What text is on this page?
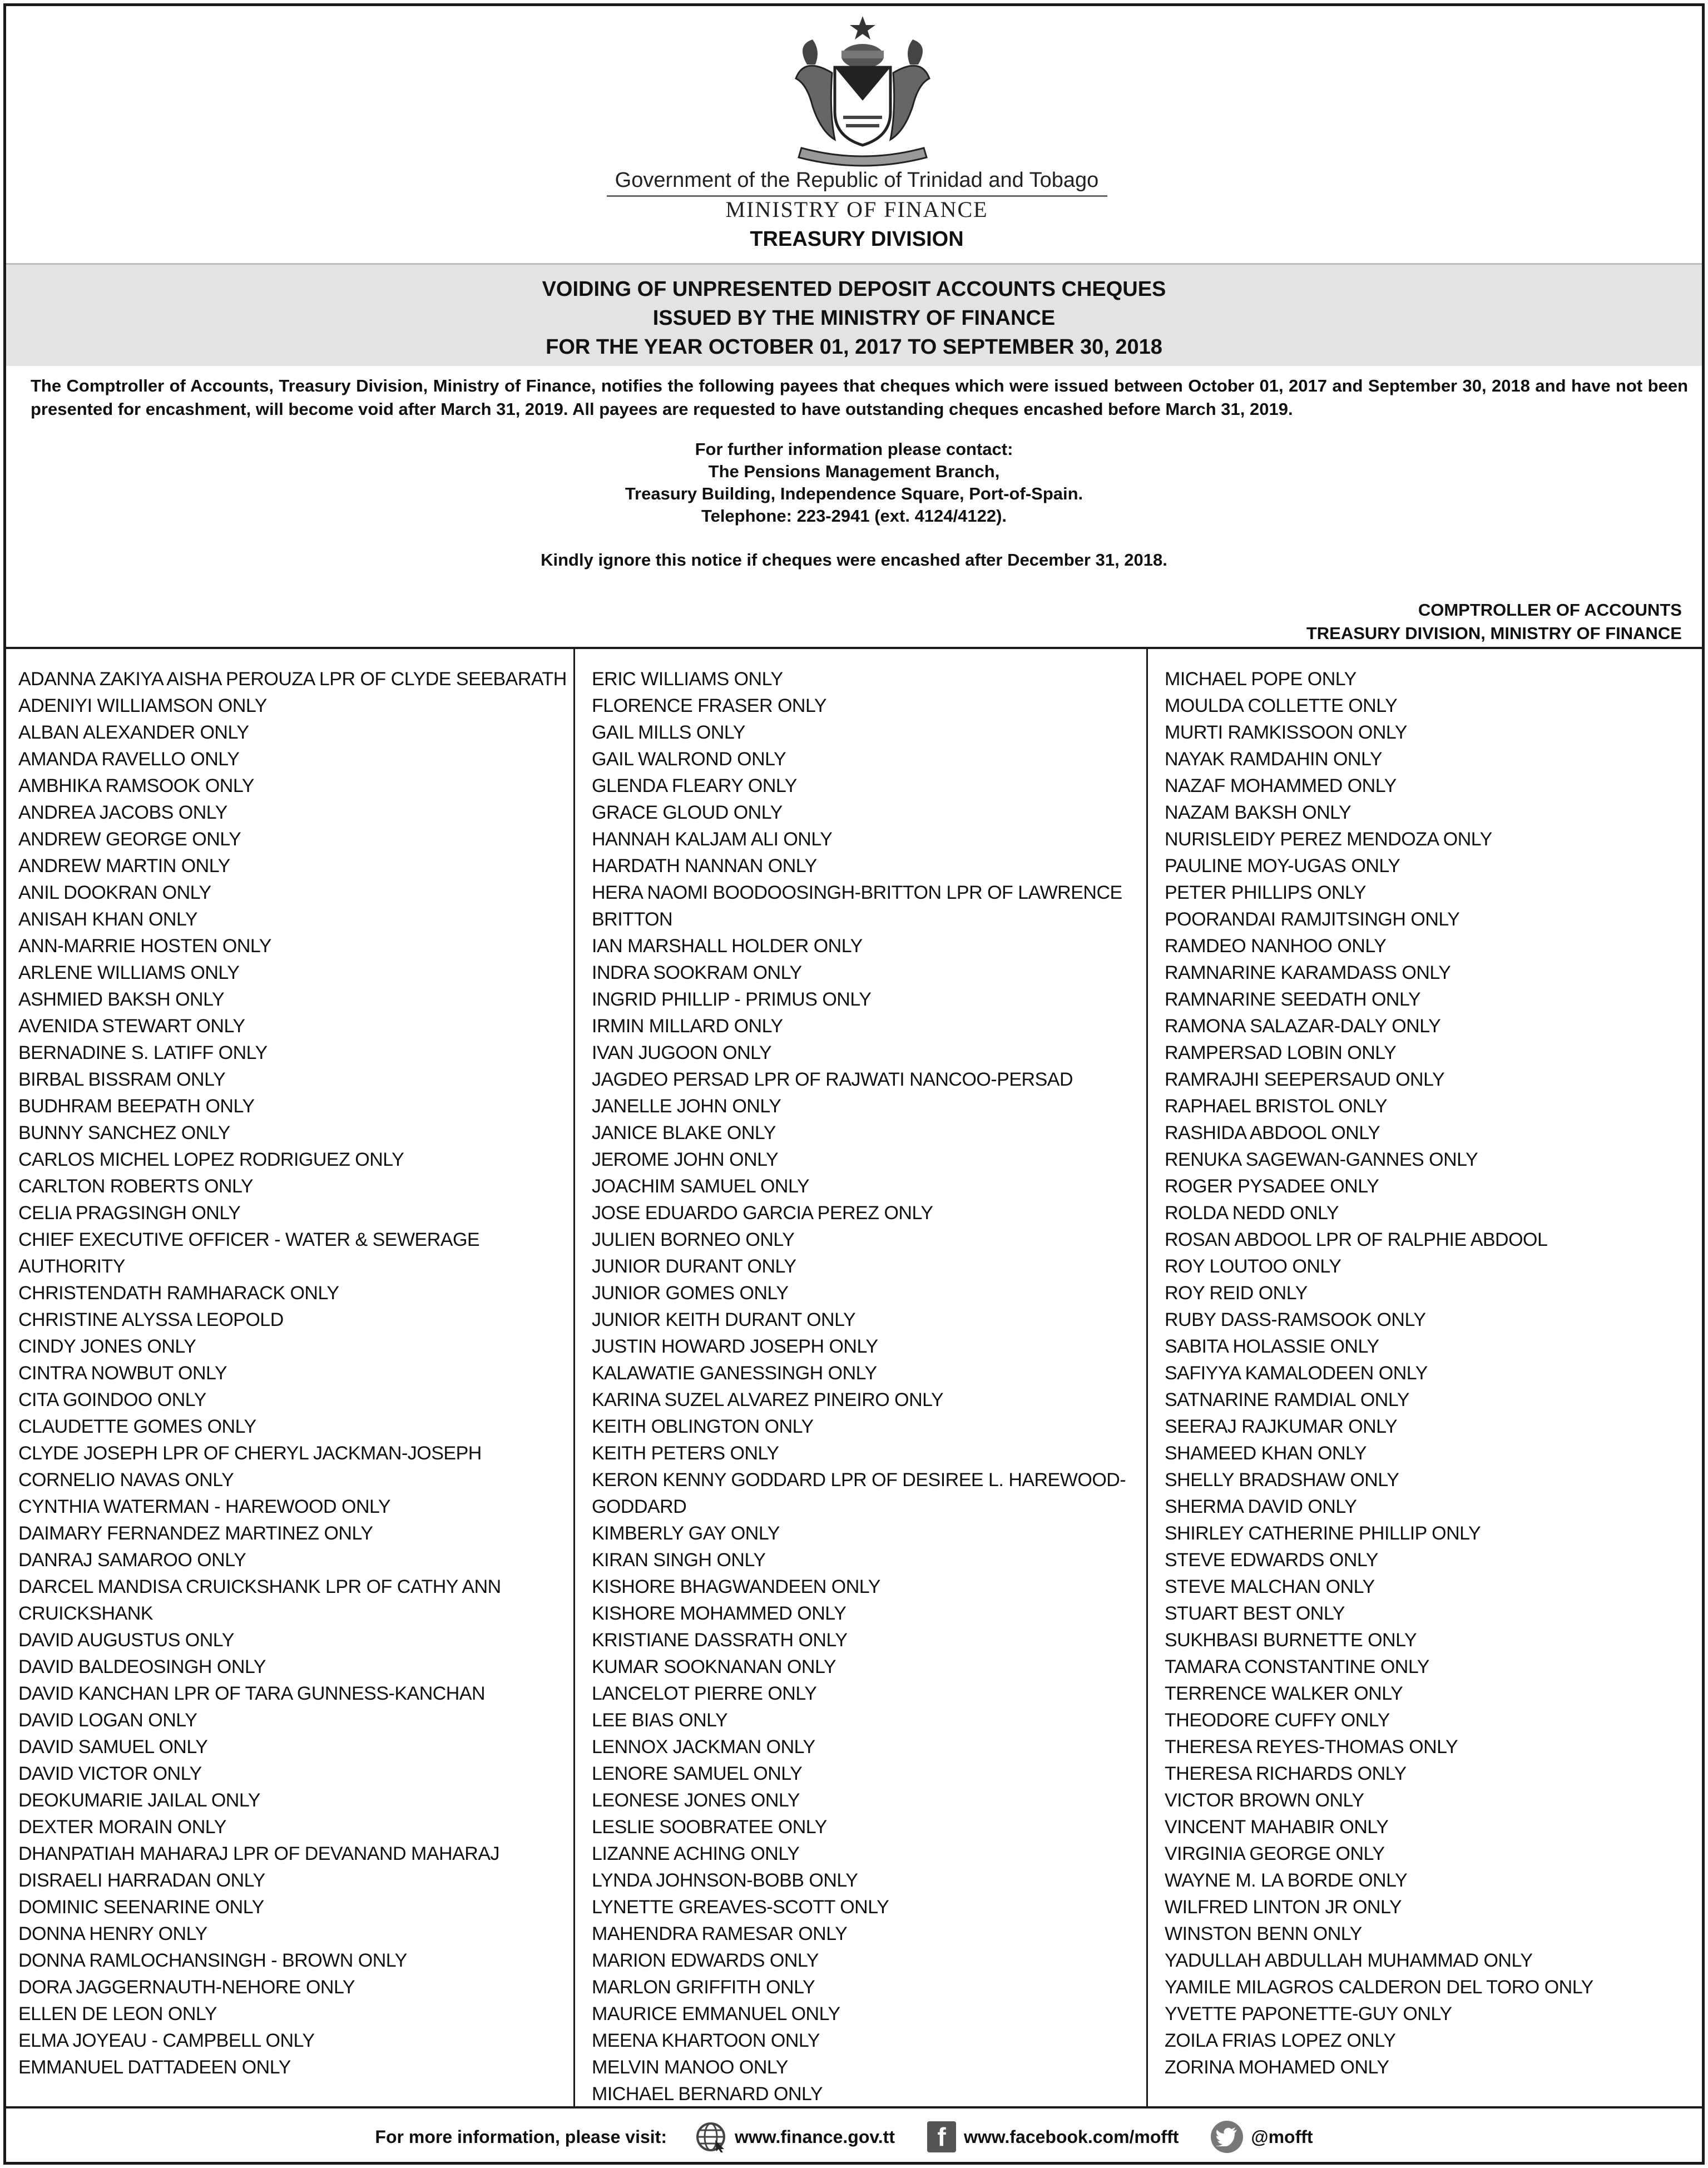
Government of the Republic of Trinidad and Tobago
MINISTRY OF FINANCE
TREASURY DIVISION
VOIDING OF UNPRESENTED DEPOSIT ACCOUNTS CHEQUES
ISSUED BY THE MINISTRY OF FINANCE
FOR THE YEAR OCTOBER 01, 2017 TO SEPTEMBER 30, 2018
The Comptroller of Accounts, Treasury Division, Ministry of Finance, notifies the following payees that cheques which were issued between October 01, 2017 and September 30, 2018 and have not been presented for encashment, will become void after March 31, 2019. All payees are requested to have outstanding cheques encashed before March 31, 2019.
For further information please contact:
The Pensions Management Branch,
Treasury Building, Independence Square, Port-of-Spain.
Telephone: 223-2941 (ext. 4124/4122).
Kindly ignore this notice if cheques were encashed after December 31, 2018.
COMPTROLLER OF ACCOUNTS
TREASURY DIVISION, MINISTRY OF FINANCE
ADANNA ZAKIYA AISHA PEROUZA LPR OF CLYDE SEEBARATH
ADENIYI WILLIAMSON ONLY
ALBAN ALEXANDER ONLY
AMANDA RAVELLO ONLY
AMBHIKA RAMSOOK ONLY
ANDREA JACOBS ONLY
ANDREW GEORGE ONLY
ANDREW MARTIN ONLY
ANIL DOOKRAN ONLY
ANISAH KHAN ONLY
ANN-MARRIE HOSTEN ONLY
ARLENE WILLIAMS ONLY
ASHMIED BAKSH ONLY
AVENIDA STEWART ONLY
BERNADINE S. LATIFF ONLY
BIRBAL BISSRAM ONLY
BUDHRAM BEEPATH ONLY
BUNNY SANCHEZ ONLY
CARLOS MICHEL LOPEZ RODRIGUEZ ONLY
CARLTON ROBERTS ONLY
CELIA PRAGSINGH ONLY
CHIEF EXECUTIVE OFFICER - WATER & SEWERAGE AUTHORITY
CHRISTENDATH RAMHARACK ONLY
CHRISTINE ALYSSA LEOPOLD
CINDY JONES ONLY
CINTRA NOWBUT ONLY
CITA GOINDOO ONLY
CLAUDETTE GOMES ONLY
CLYDE JOSEPH LPR OF CHERYL JACKMAN-JOSEPH
CORNELIO NAVAS ONLY
CYNTHIA WATERMAN - HAREWOOD ONLY
DAIMARY FERNANDEZ MARTINEZ ONLY
DANRAJ SAMAROO ONLY
DARCEL MANDISA CRUICKSHANK LPR OF CATHY ANN CRUICKSHANK
DAVID AUGUSTUS ONLY
DAVID BALDEOSINGH ONLY
DAVID KANCHAN LPR OF TARA GUNNESS-KANCHAN
DAVID LOGAN ONLY
DAVID SAMUEL ONLY
DAVID VICTOR ONLY
DEOKUMARIE JAILAL ONLY
DEXTER MORAIN ONLY
DHANPATIAH MAHARAJ LPR OF DEVANAND MAHARAJ
DISRAELI HARRADAN ONLY
DOMINIC SEENARINE ONLY
DONNA HENRY ONLY
DONNA RAMLOCHANSINGH - BROWN ONLY
DORA JAGGERNAUTH-NEHORE ONLY
ELLEN DE LEON ONLY
ELMA JOYEAU - CAMPBELL ONLY
EMMANUEL DATTADEEN ONLY
ERIC WILLIAMS ONLY
FLORENCE FRASER ONLY
GAIL MILLS ONLY
GAIL WALROND ONLY
GLENDA FLEARY ONLY
GRACE GLOUD ONLY
HANNAH KALJAM ALI ONLY
HARDATH NANNAN ONLY
HERA NAOMI BOODOOSINGH-BRITTON LPR OF LAWRENCE BRITTON
IAN MARSHALL HOLDER ONLY
INDRA SOOKRAM ONLY
INGRID PHILLIP - PRIMUS ONLY
IRMIN MILLARD ONLY
IVAN JUGOON ONLY
JAGDEO PERSAD LPR OF RAJWATI NANCOO-PERSAD
JANELLE JOHN ONLY
JANICE BLAKE ONLY
JEROME JOHN ONLY
JOACHIM SAMUEL ONLY
JOSE EDUARDO GARCIA PEREZ ONLY
JULIEN BORNEO ONLY
JUNIOR DURANT ONLY
JUNIOR GOMES ONLY
JUNIOR KEITH DURANT ONLY
JUSTIN HOWARD JOSEPH ONLY
KALAWATIE GANESSINGH ONLY
KARINA SUZEL ALVAREZ PINEIRO ONLY
KEITH OBLINGTON ONLY
KEITH PETERS ONLY
KERON KENNY GODDARD LPR OF DESIREE L. HAREWOOD-GODDARD
KIMBERLY GAY ONLY
KIRAN SINGH ONLY
KISHORE BHAGWANDEEN ONLY
KISHORE MOHAMMED ONLY
KRISTIANE DASSRATH ONLY
KUMAR SOOKNANAN ONLY
LANCELOT PIERRE ONLY
LEE BIAS ONLY
LENNOX JACKMAN ONLY
LENORE SAMUEL ONLY
LEONESE JONES ONLY
LESLIE SOOBRATEE ONLY
LIZANNE ACHING ONLY
LYNDA JOHNSON-BOBB ONLY
LYNETTE GREAVES-SCOTT ONLY
MAHENDRA RAMESAR ONLY
MARION EDWARDS ONLY
MARLON GRIFFITH ONLY
MAURICE EMMANUEL ONLY
MEENA KHARTOON ONLY
MELVIN MANOO ONLY
MICHAEL BERNARD ONLY
MICHAEL POPE ONLY
MOULDA COLLETTE ONLY
MURTI RAMKISSOON ONLY
NAYAK RAMDAHIN ONLY
NAZAF MOHAMMED ONLY
NAZAM BAKSH ONLY
NURISLEIDY PEREZ MENDOZA ONLY
PAULINE MOY-UGAS ONLY
PETER PHILLIPS ONLY
POORANDAI RAMJITSINGH ONLY
RAMDEO NANHOO ONLY
RAMNARINE KARAMDASS ONLY
RAMNARINE SEEDATH ONLY
RAMONA SALAZAR-DALY ONLY
RAMPERSAD LOBIN ONLY
RAMRAJHI SEEPERSAUD ONLY
RAPHAEL BRISTOL ONLY
RASHIDA ABDOOL ONLY
RENUKA SAGEWAN-GANNES ONLY
ROGER PYSADEE ONLY
ROLDA NEDD ONLY
ROSAN ABDOOL LPR OF RALPHIE ABDOOL
ROY LOUTOO ONLY
ROY REID ONLY
RUBY DASS-RAMSOOK ONLY
SABITA HOLASSIE ONLY
SAFIYYA KAMALODEEN ONLY
SATNARINE RAMDIAL ONLY
SEERAJ RAJKUMAR ONLY
SHAMEED KHAN ONLY
SHELLY BRADSHAW ONLY
SHERMA DAVID ONLY
SHIRLEY CATHERINE PHILLIP ONLY
STEVE EDWARDS ONLY
STEVE MALCHAN ONLY
STUART BEST ONLY
SUKHBASI BURNETTE ONLY
TAMARA CONSTANTINE ONLY
TERRENCE WALKER ONLY
THEODORE CUFFY ONLY
THERESA REYES-THOMAS ONLY
THERESA RICHARDS ONLY
VICTOR BROWN ONLY
VINCENT MAHABIR ONLY
VIRGINIA GEORGE ONLY
WAYNE M. LA BORDE ONLY
WILFRED LINTON JR ONLY
WINSTON BENN ONLY
YADULLAH ABDULLAH MUHAMMAD ONLY
YAMILE MILAGROS CALDERON DEL TORO ONLY
YVETTE PAPONETTE-GUY ONLY
ZOILA FRIAS LOPEZ ONLY
ZORINA MOHAMED ONLY
For more information, please visit:	www.finance.gov.tt	f	www.facebook.com/mofft	@mofft
